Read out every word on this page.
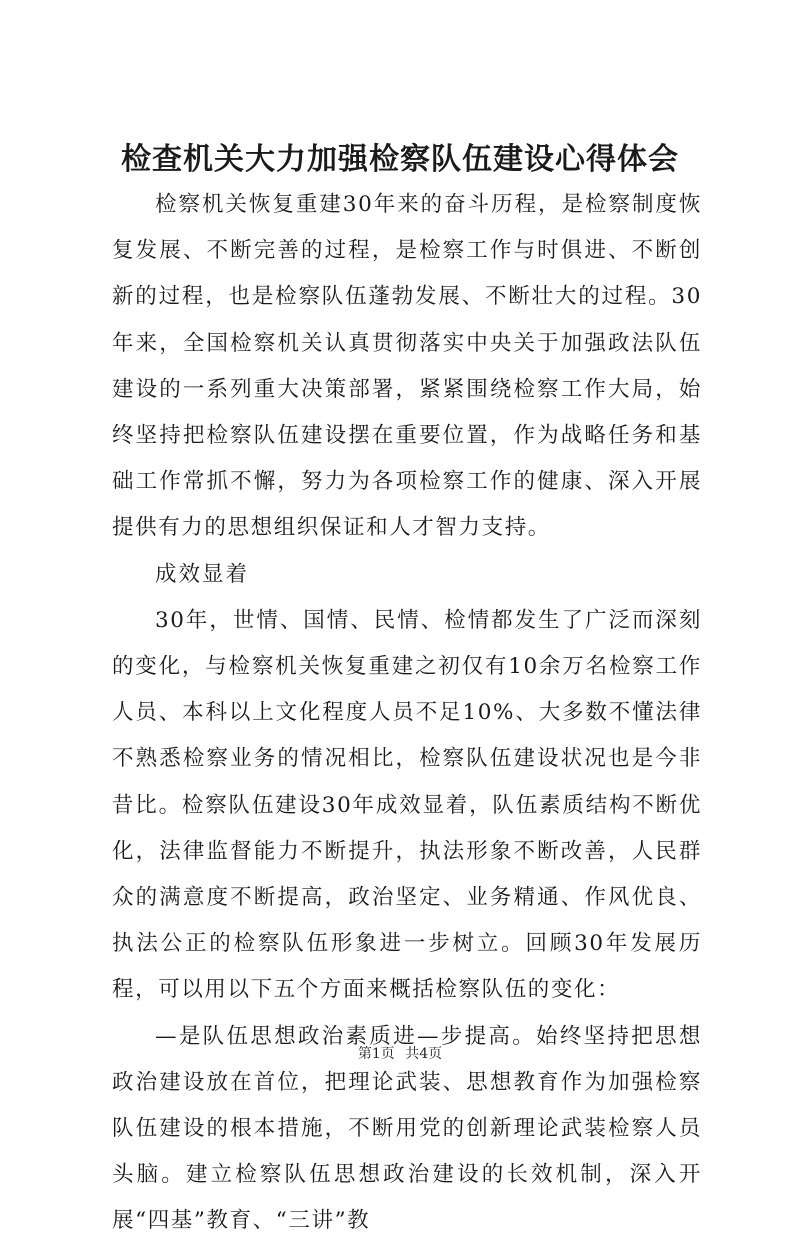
检查机关大力加强检察队伍建设心得体会

检察机关恢复重建30年来的奋斗历程，是检察制度恢复发展、不断完善的过程，是检察工作与时俱进、不断创新的过程，也是检察队伍蓬勃发展、不断壮大的过程。30年来，全国检察机关认真贯彻落实中央关于加强政法队伍建设的一系列重大决策部署，紧紧围绕检察工作大局，始终坚持把检察队伍建设摆在重要位置，作为战略任务和基础工作常抓不懈，努力为各项检察工作的健康、深入开展提供有力的思想组织保证和人才智力支持。

成效显着

30年，世情、国情、民情、检情都发生了广泛而深刻的变化，与检察机关恢复重建之初仅有10余万名检察工作人员、本科以上文化程度人员不足10%、大多数不懂法律不熟悉检察业务的情况相比，检察队伍建设状况也是今非昔比。检察队伍建设30年成效显着，队伍素质结构不断优化，法律监督能力不断提升，执法形象不断改善，人民群众的满意度不断提高，政治坚定、业务精通、作风优良、执法公正的检察队伍形象进一步树立。回顾30年发展历程，可以用以下五个方面来概括检察队伍的变化：

—是队伍思想政治素质进—步提高。始终坚持把思想政治建设放在首位，把理论武装、思想教育作为加强检察队伍建设的根本措施，不断用党的创新理论武装检察人员头脑。建立检察队伍思想政治建设的长效机制，深入开展“四基”教育、“三讲”教

第1页 共4页
